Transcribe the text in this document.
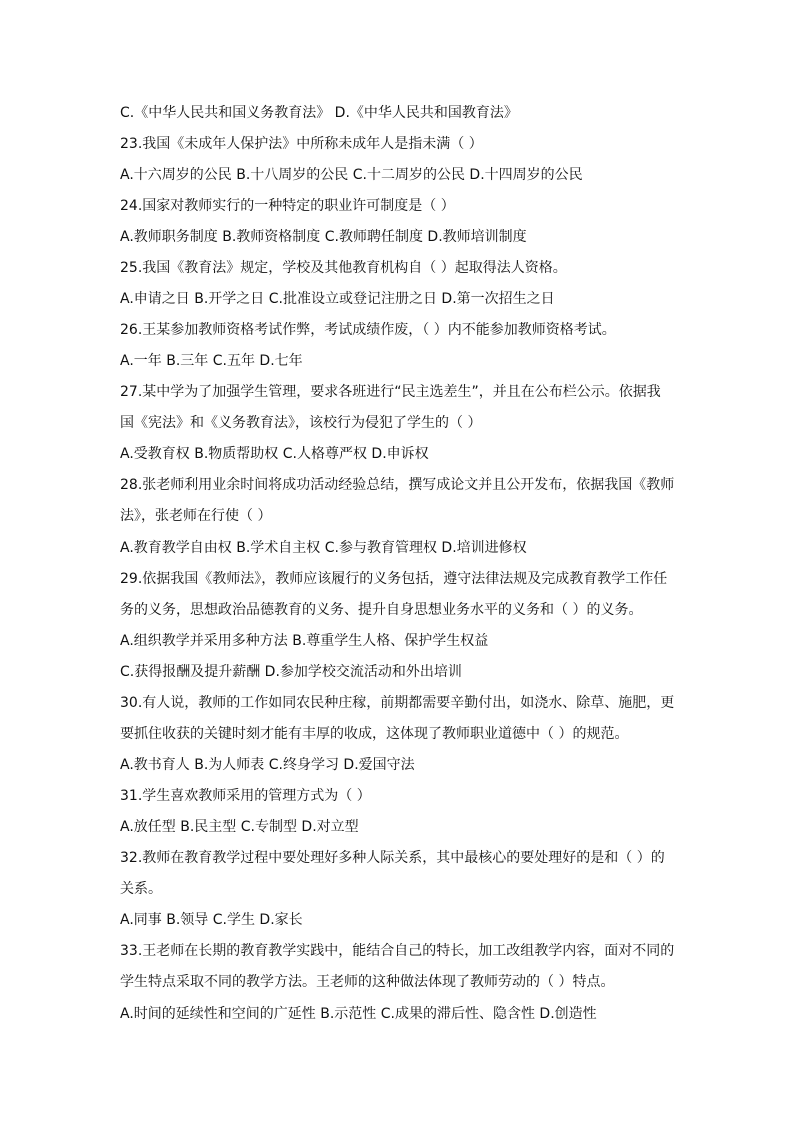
C.《中华人民共和国义务教育法》 D.《中华人民共和国教育法》
23.我国《未成年人保护法》中所称未成年人是指未满（ ）
A.十六周岁的公民 B.十八周岁的公民 C.十二周岁的公民 D.十四周岁的公民
24.国家对教师实行的一种特定的职业许可制度是（ ）
A.教师职务制度 B.教师资格制度 C.教师聘任制度 D.教师培训制度
25.我国《教育法》规定，学校及其他教育机构自（ ）起取得法人资格。
A.申请之日 B.开学之日 C.批准设立或登记注册之日 D.第一次招生之日
26.王某参加教师资格考试作弊，考试成绩作废，（ ）内不能参加教师资格考试。
A.一年 B.三年 C.五年 D.七年
27.某中学为了加强学生管理，要求各班进行“民主选差生”，并且在公布栏公示。依据我
国《宪法》和《义务教育法》，该校行为侵犯了学生的（ ）
A.受教育权 B.物质帮助权 C.人格尊严权 D.申诉权
28.张老师利用业余时间将成功活动经验总结，撰写成论文并且公开发布，依据我国《教师
法》，张老师在行使（ ）
A.教育教学自由权 B.学术自主权 C.参与教育管理权 D.培训进修权
29.依据我国《教师法》，教师应该履行的义务包括，遵守法律法规及完成教育教学工作任
务的义务，思想政治品德教育的义务、提升自身思想业务水平的义务和（ ）的义务。
A.组织教学并采用多种方法 B.尊重学生人格、保护学生权益
C.获得报酬及提升薪酬 D.参加学校交流活动和外出培训
30.有人说，教师的工作如同农民种庄稼，前期都需要辛勤付出，如浇水、除草、施肥，更
要抓住收获的关键时刻才能有丰厚的收成，这体现了教师职业道德中（ ）的规范。
A.教书育人 B.为人师表 C.终身学习 D.爱国守法
31.学生喜欢教师采用的管理方式为（ ）
A.放任型 B.民主型 C.专制型 D.对立型
32.教师在教育教学过程中要处理好多种人际关系，其中最核心的要处理好的是和（ ）的
关系。
A.同事 B.领导 C.学生 D.家长
33.王老师在长期的教育教学实践中，能结合自己的特长，加工改组教学内容，面对不同的
学生特点采取不同的教学方法。王老师的这种做法体现了教师劳动的（ ）特点。
A.时间的延续性和空间的广延性 B.示范性 C.成果的滞后性、隐含性 D.创造性
